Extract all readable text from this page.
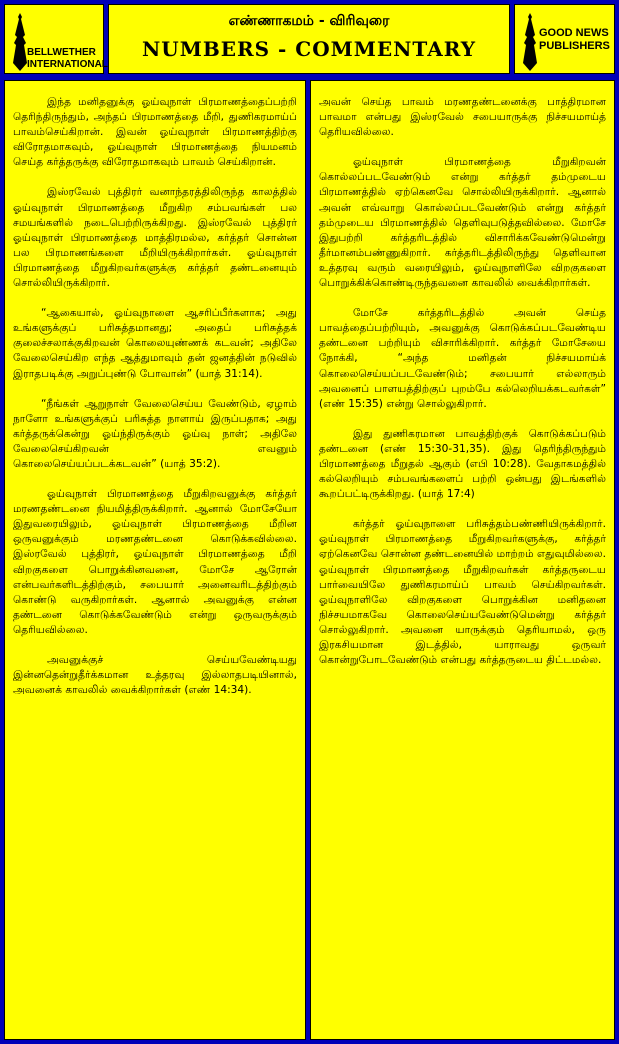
BELLWETHER
INTERNATIONAL
எண்ணாகமம் - விரிவுரை
NUMBERS - COMMENTARY
GOOD NEWS
PUBLISHERS

இந்த மனிதனுக்கு ஓய்வுநாள் பிரமாணத்தைப்பற்றி தெரிந்திருந்தும், அந்தப் பிரமாணத்தை மீறி, துணிகரமாய்ப் பாவம்செய்கிறான். இவன் ஓய்வுநாள் பிரமாணத்திற்கு விரோதமாகவும், ஓய்வுநாள் பிரமாணத்தை நியமனம் செய்த கர்த்தருக்கு விரோதமாகவும் பாவம் செய்கிறான்.

இஸ்ரவேல் புத்திரர் வனாந்தரத்திலிருந்த காலத்தில் ஓய்வுநாள் பிரமாணத்தை மீறுகிற சம்பவங்கள் பல சமயங்களில் நடைபெற்றிருக்கிறது. இஸ்ரவேல் புத்திரர் ஓய்வுநாள் பிரமாணத்தை மாத்திரமல்ல, கர்த்தர் சொன்ன பல பிரமாணங்களை மீறியிருக்கிறார்கள். ஓய்வுநாள் பிரமாணத்தை மீறுகிறவர்களுக்கு கர்த்தர் தண்டனையும் சொல்லியிருக்கிறார்.

“ஆகையால், ஓய்வுநாளை ஆசரிப்பீர்களாக; அது உங்களுக்குப் பரிசுத்தமானது; அதைப் பரிசுத்தக் குலைச்சலாக்குகிறவன் கொலையுண்ணக் கடவன்; அதிலே வேலைசெய்கிற எந்த ஆத்துமாவும் தன் ஜனத்தின் நடுவில் இராதபடிக்கு அறுப்புண்டு போவான்” (யாத் 31:14).

“நீங்கள் ஆறுநாள் வேலைசெய்ய வேண்டும், ஏழாம் நாளோ உங்களுக்குப் பரிசுத்த நாளாய் இருப்பதாக; அது கர்த்தருக்கென்று ஓய்ந்திருக்கும் ஓய்வு நாள்; அதிலே வேலைசெய்கிறவன் எவனும் கொலைசெய்யப்படக்கடவன்” (யாத் 35:2).

ஓய்வுநாள் பிரமாணத்தை மீறுகிறவனுக்கு கர்த்தர் மரணதண்டனை நியமித்திருக்கிறார். ஆனால் மோசேயோ இதுவரையிலும், ஓய்வுநாள் பிரமாணத்தை மீறின ஒருவனுக்கும் மரணதண்டனை கொடுக்கவில்லை. இஸ்ரவேல் புத்திரர், ஓய்வுநாள் பிரமாணத்தை மீறி விறகுகளை பொறுக்கினவனை, மோசே ஆரோன் என்பவர்களிடத்திற்கும், சபையார் அனைவரிடத்திற்கும் கொண்டு வருகிறார்கள். ஆனால் அவனுக்கு என்ன தண்டனை கொடுக்கவேண்டும் என்று ஒருவருக்கும் தெரியவில்லை.

அவனுக்குச் செய்யவேண்டியது இன்னதென்றுதீர்க்கமான உத்தரவு இல்லாதபடியினால், அவனைக் காவலில் வைக்கிறார்கள் (எண் 14:34).

அவன் செய்த பாவம் மரணதண்டனைக்கு பாத்திரமான பாவமா என்பது இஸ்ரவேல் சபையாருக்கு நிச்சயமாய்த் தெரியவில்லை.

ஓய்வுநாள் பிரமாணத்தை மீறுகிறவன் கொல்லப்படவேண்டும் என்று கர்த்தர் தம்முடைய பிரமாணத்தில் ஏற்கெனவே சொல்லியிருக்கிறார். ஆனால் அவன் எவ்வாறு கொல்லப்படவேண்டும் என்று கர்த்தர் தம்முடைய பிரமாணத்தில் தெளிவுபடுத்தவில்லை. மோசே இதுபற்றி கர்த்தரிடத்தில் விசாரிக்கவேண்டுமென்று தீர்மானம்பண்ணுகிறார். கர்த்தரிடத்திலிருந்து தெளிவான உத்தரவு வரும் வரையிலும், ஓய்வுநாளிலே விறகுகளை பொறுக்கிக்கொண்டிருந்தவனை காவலில் வைக்கிறார்கள்.

மோசே கர்த்தரிடத்தில் அவன் செய்த பாவத்தைப்பற்றியும், அவனுக்கு கொடுக்கப்படவேண்டிய தண்டனை பற்றியும் விசாரிக்கிறார். கர்த்தர் மோசேயை நோக்கி, “அந்த மனிதன் நிச்சயமாய்க் கொலைசெய்யப்படவேண்டும்; சபையார் எல்லாரும் அவனைப் பாளயத்திற்குப் புறம்பே கல்லெறியக்கடவர்கள்” (எண் 15:35) என்று சொல்லுகிறார்.

இது துணிகரமான பாவத்திற்குக் கொடுக்கப்படும் தண்டனை (எண் 15:30-31,35). இது தெரிந்திருந்தும் பிரமாணத்தை மீறுதல் ஆகும் (எபி 10:28). வேதாகமத்தில் கல்லெறியும் சம்பவங்களைப் பற்றி ஒன்பது இடங்களில் கூறப்பட்டிருக்கிறது. (யாத் 17:4)

கர்த்தர் ஓய்வுநாளை பரிசுத்தம்பண்ணியிருக்கிறார். ஓய்வுநாள் பிரமாணத்தை மீறுகிறவர்களுக்கு, கர்த்தர் ஏற்கெனவே சொன்ன தண்டனையில் மாற்றம் எதுவுமில்லை. ஓய்வுநாள் பிரமாணத்தை மீறுகிறவர்கள் கர்த்தருடைய பார்வையிலே துணிகரமாய்ப் பாவம் செய்கிறவர்கள். ஓய்வுநாளிலே விறகுகளை பொறுக்கின மனிதனை நிச்சயமாகவே கொலைசெய்யவேண்டுமென்று கர்த்தர் சொல்லுகிறார். அவனை யாருக்கும் தெரியாமல், ஒரு இரகசியமான இடத்தில், யாராவது ஒருவர் கொன்றுபோடவேண்டும் என்பது கர்த்தருடைய திட்டமல்ல.
